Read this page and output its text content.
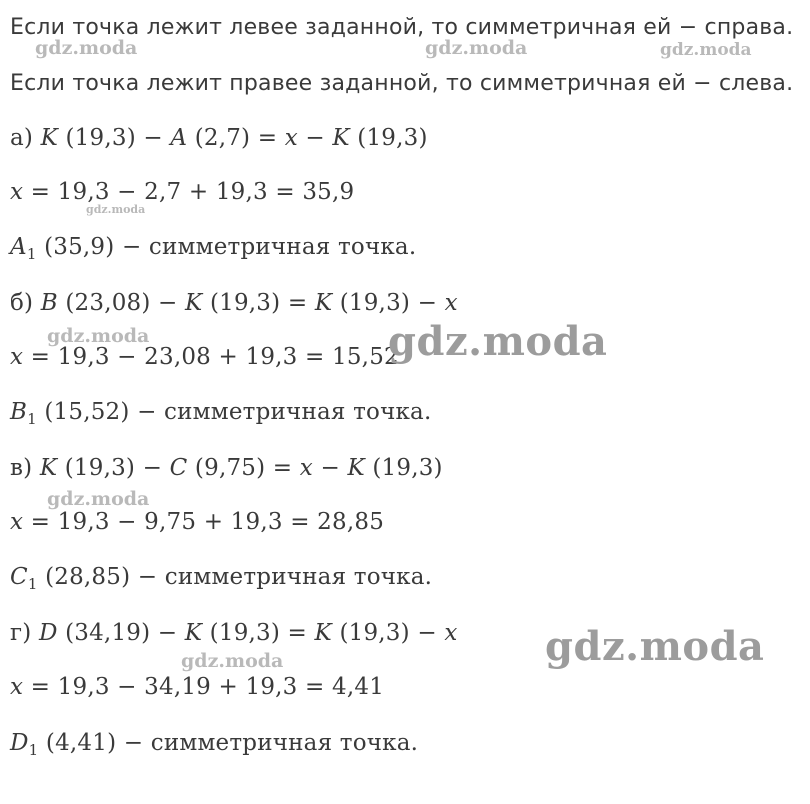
Если точка лежит левее заданной, то симметричная ей − справа.
Если точка лежит правее заданной, то симметричная ей − слева.
а) K (19,3) − A (2,7) = x − K (19,3)
x = 19,3 − 2,7 + 19,3 = 35,9
$A_1$ (35,9) − симметричная точка.
б) B (23,08) − K (19,3) = K (19,3) − x
x = 19,3 − 23,08 + 19,3 = 15,52
$B_1$ (15,52) − симметричная точка.
в) K (19,3) − C (9,75) = x − K (19,3)
x = 19,3 − 9,75 + 19,3 = 28,85
$C_1$ (28,85) − симметричная точка.
г) D (34,19) − K (19,3) = K (19,3) − x
x = 19,3 − 34,19 + 19,3 = 4,41
$D_1$ (4,41) − симметричная точка.
gdz.moda	gdz.moda	gdz.moda
gdz.moda
gdz.moda	gdz.moda
gdz.moda
gdz.moda
gdz.moda
